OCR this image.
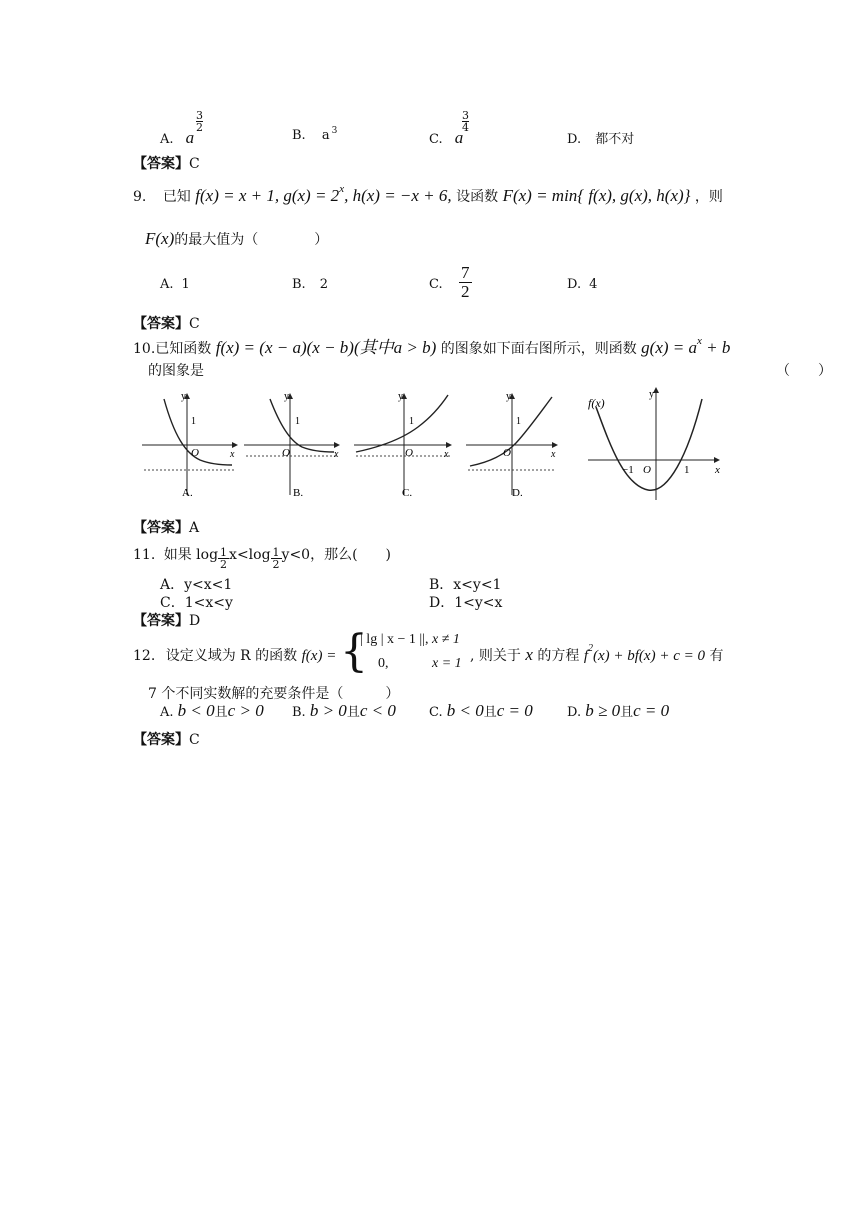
A. a
3
2
B. a $^3$
C. a
3
4
D. 都不对
【答案】C
9. 已知 f(x) = x + 1, $g(x) = 2^x$, h(x) = −x + 6, 设函数 F(x) = min{ f(x), g(x), h(x)} ，则
F(x)的最大值为（　　　　）
A. 1	B. 2	C.
7
2	D. 4
【答案】C
10.已知函数 f(x) = (x − a)(x − b)(其中a > b) 的图象如下面右图所示，则函数 $g(x) = a^x + b$
的图象是	（　　）
y
x
O
1
A.
y
x
O
1
B.
y
x
O
1
C.
y
x
O
1
D.
f(x)
y
x
O
−1	1
【答案】A
11. 如果 $\log \frac{1}{2} x<\log \frac{1}{2} y<0$，那么(　　)
A．y<x<1	B．x<y<1
C．1<x<y	D．1<y<x
【答案】D
12. 设定义域为 R 的函数 f(x) = {
| lg | x − 1 ||, x ≠ 1
0,	x = 1 , 则关于 x 的方程 $f^2(x) + bf(x) + c = 0$ 有
7 个不同实数解的充要条件是（　　　）
A. b < 0且c > 0 B. b > 0且c < 0	C. b < 0且c = 0	D. b ≥ 0且c = 0
【答案】C
